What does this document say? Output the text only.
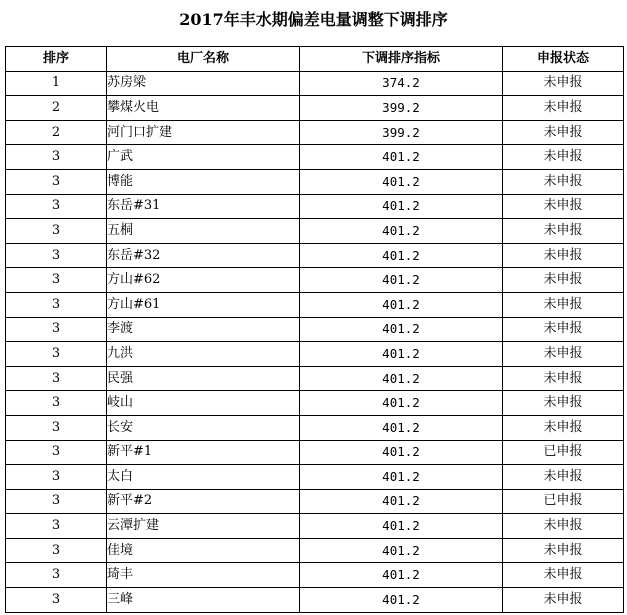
2017年丰水期偏差电量调整下调排序
排序	电厂名称	下调排序指标	申报状态
1	苏房梁	374.2	未申报
2	攀煤火电	399.2	未申报
2	河门口扩建	399.2	未申报
3	广武	401.2	未申报
3	博能	401.2	未申报
3	东岳#31	401.2	未申报
3	五桐	401.2	未申报
3	东岳#32	401.2	未申报
3	方山#62	401.2	未申报
3	方山#61	401.2	未申报
3	李渡	401.2	未申报
3	九洪	401.2	未申报
3	民强	401.2	未申报
3	岐山	401.2	未申报
3	长安	401.2	未申报
3	新平#1	401.2	已申报
3	太白	401.2	未申报
3	新平#2	401.2	已申报
3	云潭扩建	401.2	未申报
3	佳境	401.2	未申报
3	琦丰	401.2	未申报
3	三峰	401.2	未申报
